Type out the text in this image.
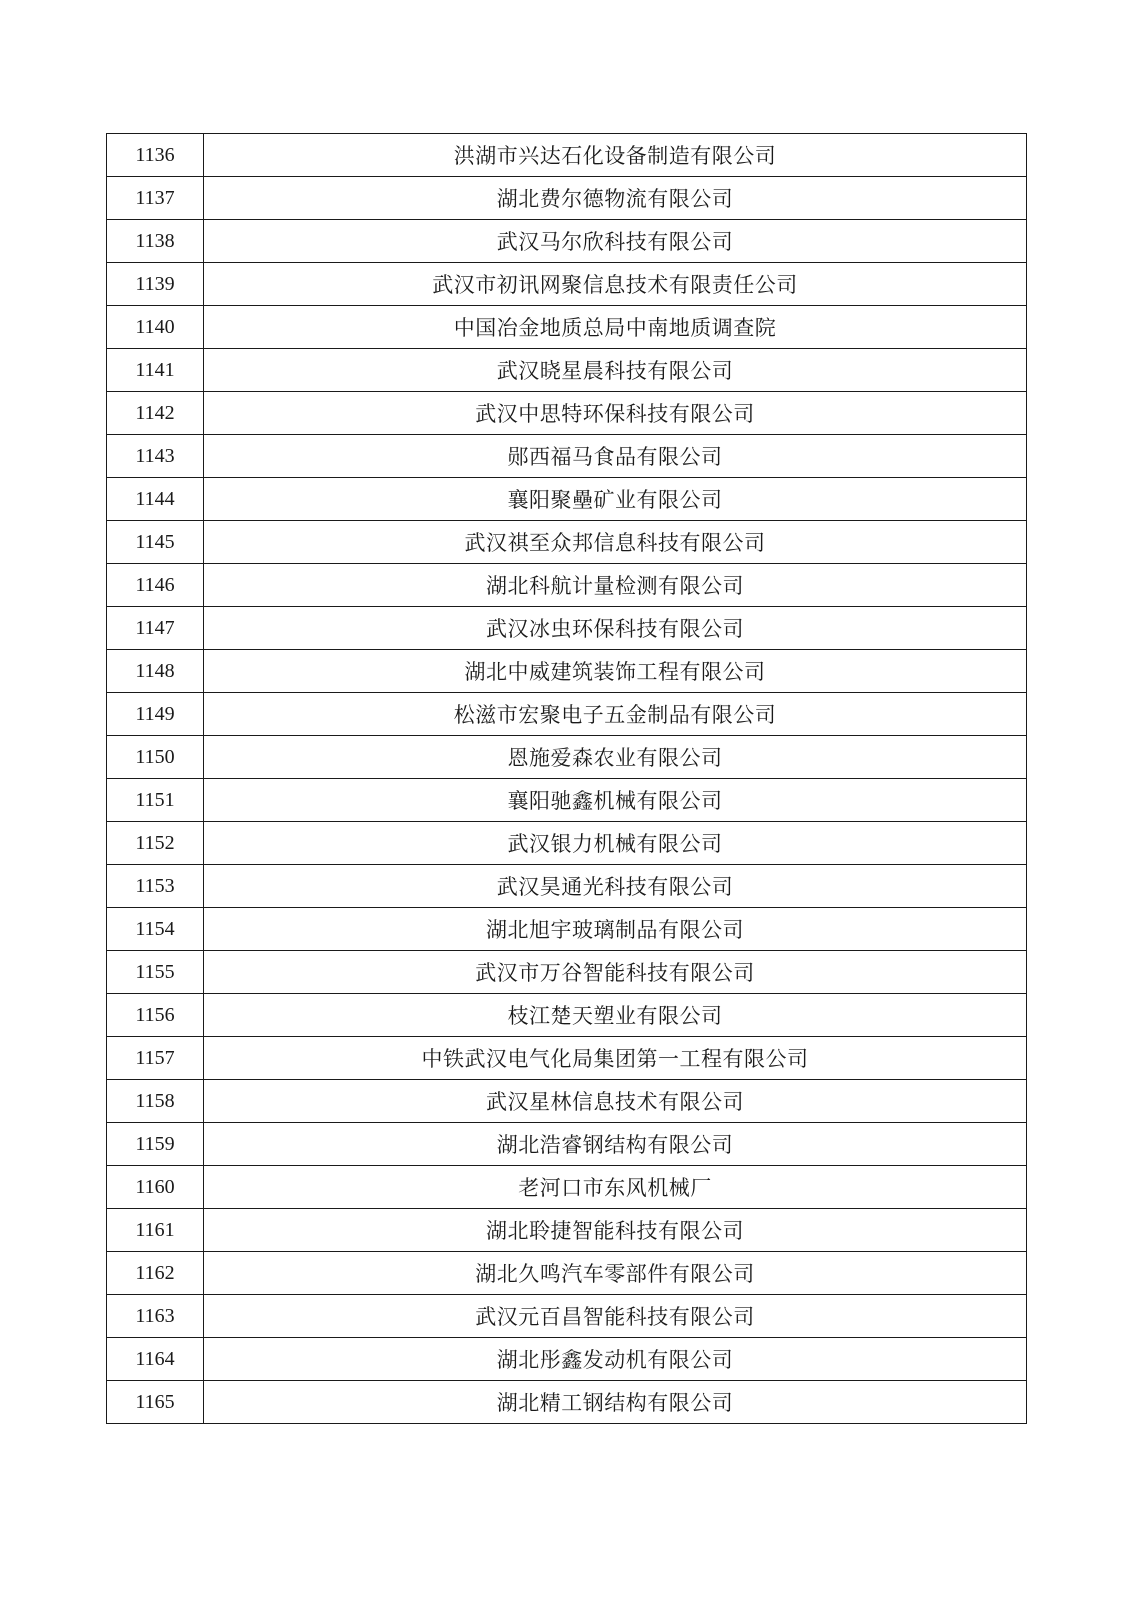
1136	洪湖市兴达石化设备制造有限公司
1137	湖北费尔德物流有限公司
1138	武汉马尔欣科技有限公司
1139	武汉市初讯网聚信息技术有限责任公司
1140	中国冶金地质总局中南地质调查院
1141	武汉晓星晨科技有限公司
1142	武汉中思特环保科技有限公司
1143	郧西福马食品有限公司
1144	襄阳聚壘矿业有限公司
1145	武汉祺至众邦信息科技有限公司
1146	湖北科航计量检测有限公司
1147	武汉冰虫环保科技有限公司
1148	湖北中威建筑装饰工程有限公司
1149	松滋市宏聚电子五金制品有限公司
1150	恩施爱森农业有限公司
1151	襄阳驰鑫机械有限公司
1152	武汉银力机械有限公司
1153	武汉昊通光科技有限公司
1154	湖北旭宇玻璃制品有限公司
1155	武汉市万谷智能科技有限公司
1156	枝江楚天塑业有限公司
1157	中铁武汉电气化局集团第一工程有限公司
1158	武汉星林信息技术有限公司
1159	湖北浩睿钢结构有限公司
1160	老河口市东风机械厂
1161	湖北聆捷智能科技有限公司
1162	湖北久鸣汽车零部件有限公司
1163	武汉元百昌智能科技有限公司
1164	湖北彤鑫发动机有限公司
1165	湖北精工钢结构有限公司
